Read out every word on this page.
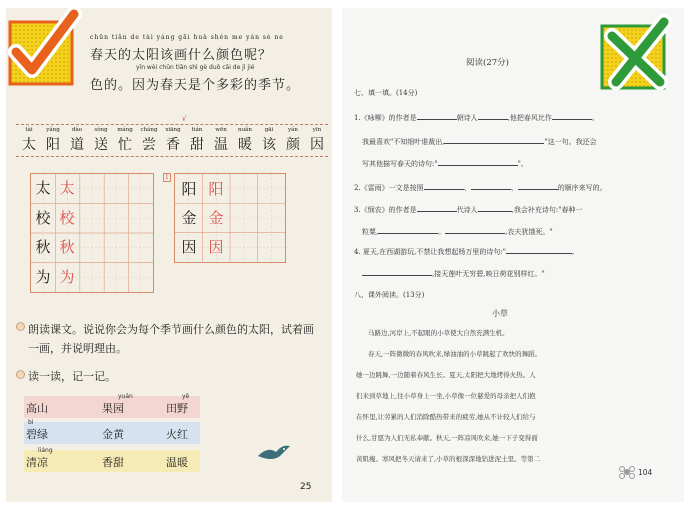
chūn tiān de tài yáng gāi huà shén me yán sè ne
春天的太阳该画什么颜色呢？
yīn wèi chūn tiān shì gè duō cǎi de jì jié
色的。因为春天是个多彩的季节。
√
tài	yáng	dào	sòng	máng	cháng	xiāng	tián	wēn	nuǎn	gāi	yán	yīn
太 阳 道 送 忙 尝 香 甜 温 暖 该 颜 因
太 太
校 校
秋 秋
为 为
1
阳 阳
金 金
因 因
朗读课文。说说你会为每个季节画什么颜色的太阳，试着画一画，并说明理由。
读一读，记一记。
yuán	yě
bì
liáng
高山	果园	田野
碧绿	金黄	火红
清凉	香甜	温暖
25
阅读(27分)
七、填一填。(14分)
1.《咏柳》的作者是	朝诗人	,他把春风比作	。
我最喜欢"不知细叶谁裁出,	"这一句。我还会
写其他描写春天的诗句:"	"。
2.《雷雨》一文是按照	、	、	的顺序来写的。
3.《悯农》的作者是	代诗人	,我会补充诗句:"春种一
粒粟,	。	,农夫犹饿死。"
4. 夏天,在西湖游玩,不禁让我想起杨万里的诗句:"	,
,接天莲叶无穷碧,映日荷花别样红。"
八、课外阅读。(13分)
小草
马路边,河岸上,不起眼的小草使大自然充满生机。
春天,一阵微微的春风吹来,绿油油的小草跳起了欢快的舞蹈。
她一边跳舞,一边随着春风生长。夏天,太阳把大地烤得火热。人
们来到草地上,往小草身上一坐,小草像一位慈爱的母亲把人们抱
在怀里,让劳累的人们消除酷热带来的疲劳,她从不计较人们给与
什么,甘愿为人们无私奉献。秋天,一阵凉风吹来,她一下子变得面
黄肌瘦。寒风把冬天请来了,小草的根深深地钻进泥土里。等第二
104
